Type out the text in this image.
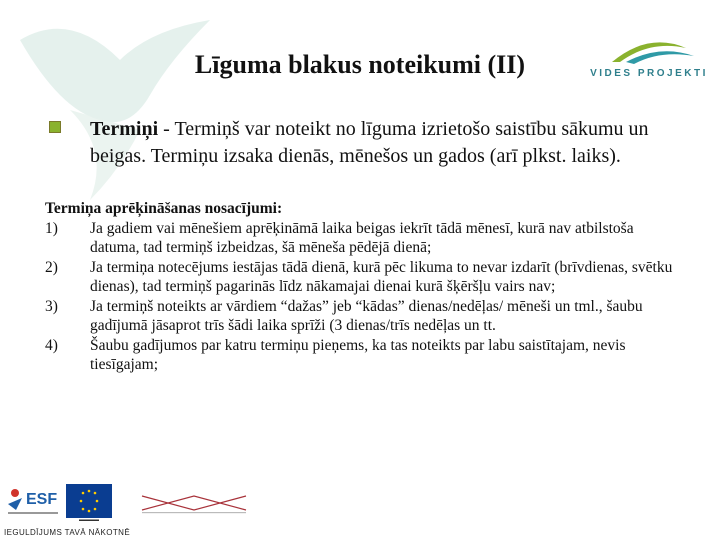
VIDES PROJEKTI
Līguma blakus noteikumi (II)
Termiņi - Termiņš var noteikt no līguma izrietošo saistību sākumu un beigas. Termiņu izsaka dienās, mēnešos un gados (arī plkst. laiks).
Termiņa aprēķināšanas nosacījumi:
1)	Ja gadiem vai mēnešiem aprēķināmā laika beigas iekrīt tādā mēnesī, kurā nav atbilstoša datuma, tad termiņš izbeidzas, šā mēneša pēdējā dienā;
2)	Ja termiņa notecējums iestājas tādā dienā, kurā pēc likuma to nevar izdarīt (brīvdienas, svētku dienas), tad termiņš pagarinās līdz nākamajai dienai kurā šķēršļu vairs nav;
3)	Ja termiņš noteikts ar vārdiem “dažas” jeb “kādas” dienas/nedēļas/ mēneši un tml., šaubu gadījumā jāsaprot trīs šādi laika sprīži (3 dienas/trīs nedēļas un tt.
4)	Šaubu gadījumos par katru termiņu pieņems, ka tas noteikts par labu saistītajam, nevis tiesīgajam;
ESF
▬▬▬▬
IEGULDĪJUMS TAVĀ NĀKOTNĒ
